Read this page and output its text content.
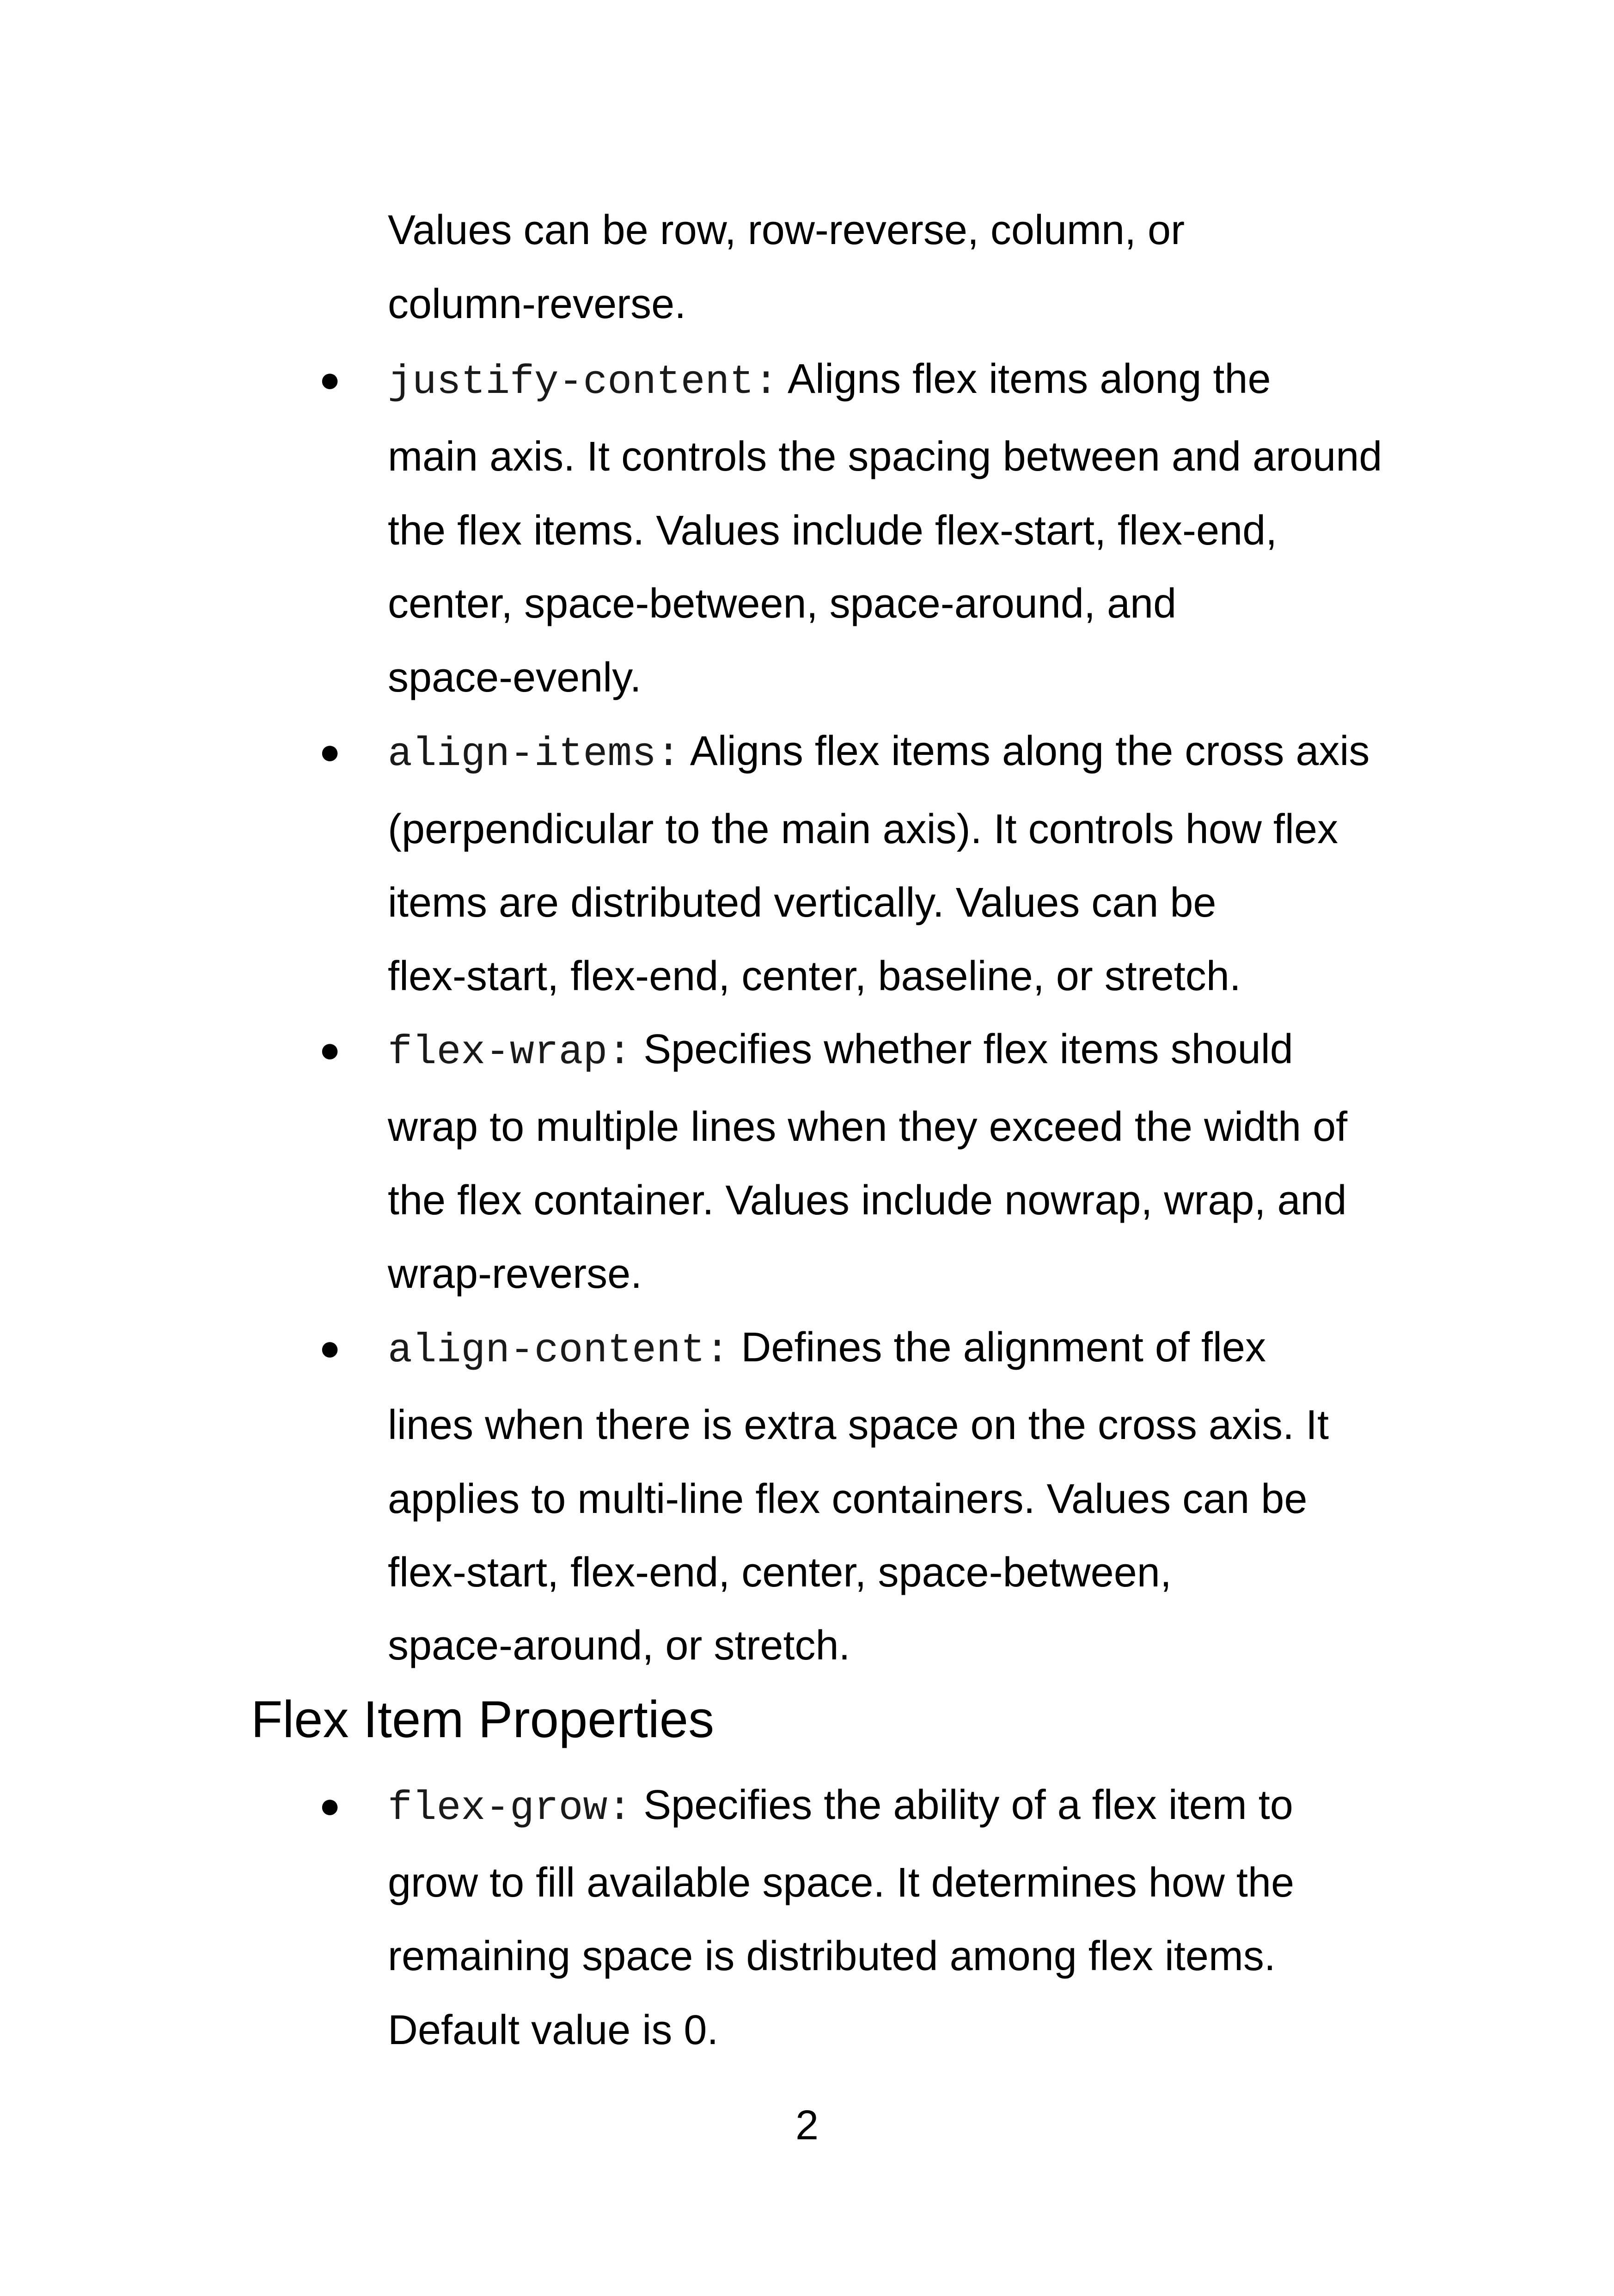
Values can be row, row-reverse, column, or
column-reverse.
● justify-content: Aligns flex items along the
main axis. It controls the spacing between and around
the flex items. Values include flex-start, flex-end,
center, space-between, space-around, and
space-evenly.
● align-items: Aligns flex items along the cross axis
(perpendicular to the main axis). It controls how flex
items are distributed vertically. Values can be
flex-start, flex-end, center, baseline, or stretch.
● flex-wrap: Specifies whether flex items should
wrap to multiple lines when they exceed the width of
the flex container. Values include nowrap, wrap, and
wrap-reverse.
● align-content: Defines the alignment of flex
lines when there is extra space on the cross axis. It
applies to multi-line flex containers. Values can be
flex-start, flex-end, center, space-between,
space-around, or stretch.
Flex Item Properties
● flex-grow: Specifies the ability of a flex item to
grow to fill available space. It determines how the
remaining space is distributed among flex items.
Default value is 0.
2
